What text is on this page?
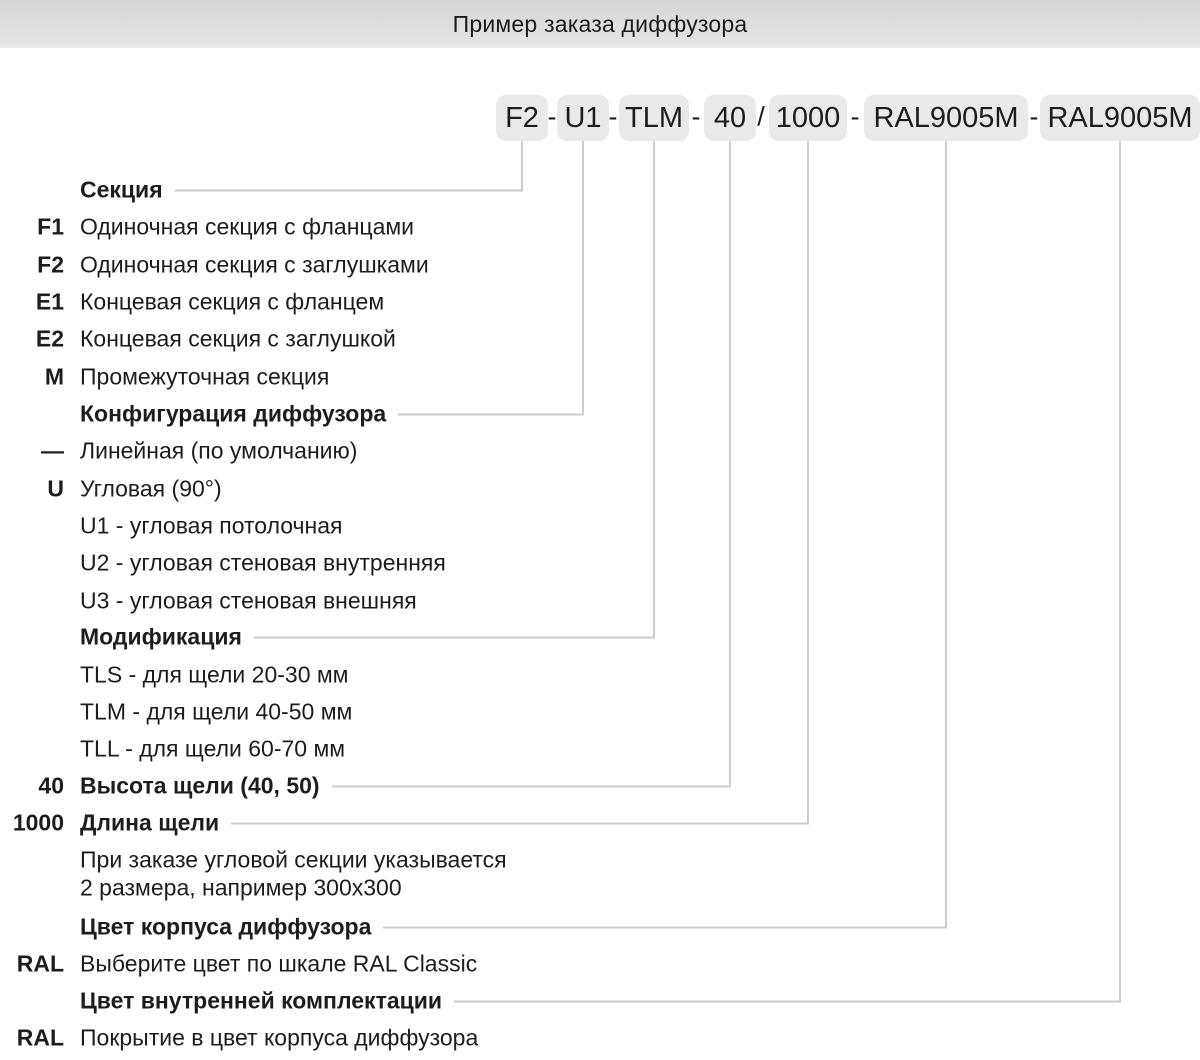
Пример заказа диффузора
F2 U1 TLM	40	1000	RAL9005M RAL9005M
- -	- /	-	-
Секция
F1 Одиночная секция с фланцами
F2 Одиночная секция с заглушками
E1 Концевая секция с фланцем
E2 Концевая секция с заглушкой
M Промежуточная секция
Конфигурация диффузора
— Линейная (по умолчанию)
U Угловая (90°)
U1 - угловая потолочная
U2 - угловая стеновая внутренняя
U3 - угловая стеновая внешняя
Модификация
TLS - для щели 20-30 мм
TLM - для щели 40-50 мм
TLL - для щели 60-70 мм
40 Высота щели (40, 50)
1000 Длина щели
При заказе угловой секции указывается
2 размера, например 300x300
Цвет корпуса диффузора
RAL Выберите цвет по шкале RAL Classic
Цвет внутренней комплектации
RAL Покрытие в цвет корпуса диффузора
